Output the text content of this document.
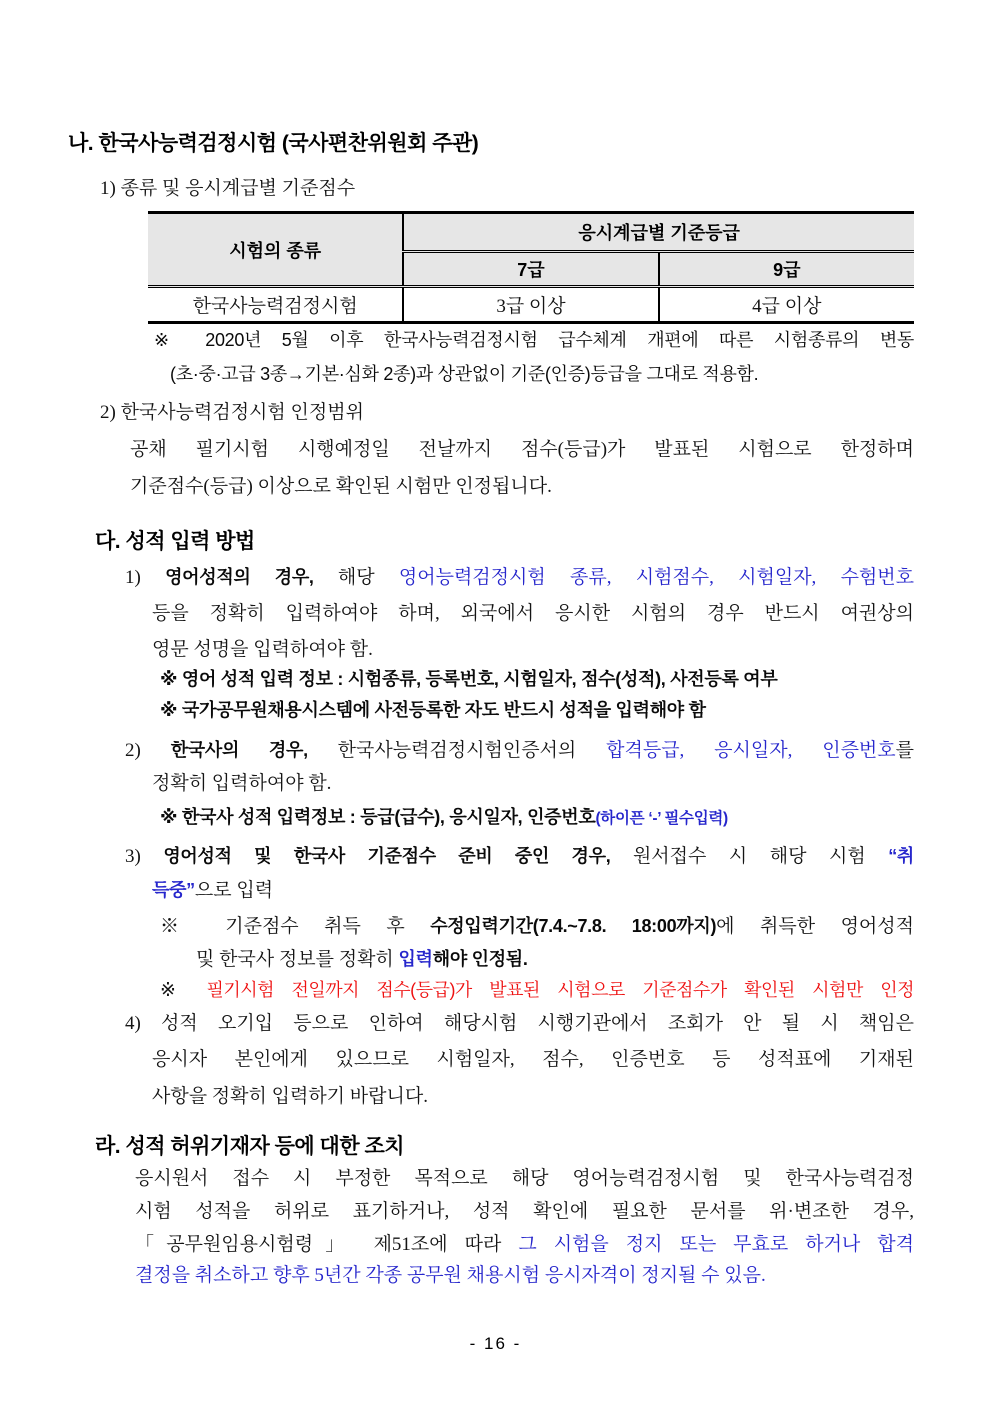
나. 한국사능력검정시험 (국사편찬위원회 주관)
1) 종류 및 응시계급별 기준점수
시험의 종류	응시계급별 기준등급	
	7급	9급
한국사능력검정시험	3급 이상	4급 이상
※ 2020년 5월 이후 한국사능력검정시험 급수체계 개편에 따른 시험종류의 변동
(초·중·고급 3종→기본·심화 2종)과 상관없이 기준(인증)등급을 그대로 적용함.
2) 한국사능력검정시험 인정범위
공채 필기시험 시행예정일 전날까지 점수(등급)가 발표된 시험으로 한정하며
기준점수(등급) 이상으로 확인된 시험만 인정됩니다.
다. 성적 입력 방법
1) 영어성적의 경우, 해당 영어능력검정시험 종류, 시험점수, 시험일자, 수험번호
등을 정확히 입력하여야 하며, 외국에서 응시한 시험의 경우 반드시 여권상의
영문 성명을 입력하여야 함.
※ 영어 성적 입력 정보 : 시험종류, 등록번호, 시험일자, 점수(성적), 사전등록 여부
※ 국가공무원채용시스템에 사전등록한 자도 반드시 성적을 입력해야 함
2) 한국사의 경우, 한국사능력검정시험인증서의 합격등급, 응시일자, 인증번호를
정확히 입력하여야 함.
※ 한국사 성적 입력정보 : 등급(급수), 응시일자, 인증번호(하이픈 ‘-’ 필수입력)
3) 영어성적 및 한국사 기준점수 준비 중인 경우, 원서접수 시 해당 시험 “취
득중”으로 입력
※ 기준점수 취득 후 수정입력기간(7.4.~7.8. 18:00까지)에 취득한 영어성적
및 한국사 정보를 정확히 입력해야 인정됨.
※ 필기시험 전일까지 점수(등급)가 발표된 시험으로 기준점수가 확인된 시험만 인정
4) 성적 오기입 등으로 인하여 해당시험 시행기관에서 조회가 안 될 시 책임은
응시자 본인에게 있으므로 시험일자, 점수, 인증번호 등 성적표에 기재된
사항을 정확히 입력하기 바랍니다.
라. 성적 허위기재자 등에 대한 조치
응시원서 접수 시 부정한 목적으로 해당 영어능력검정시험 및 한국사능력검정
시험 성적을 허위로 표기하거나, 성적 확인에 필요한 문서를 위·변조한 경우,
「공무원임용시험령」 제51조에 따라 그 시험을 정지 또는 무효로 하거나 합격
결정을 취소하고 향후 5년간 각종 공무원 채용시험 응시자격이 정지될 수 있음.
- 16 -
